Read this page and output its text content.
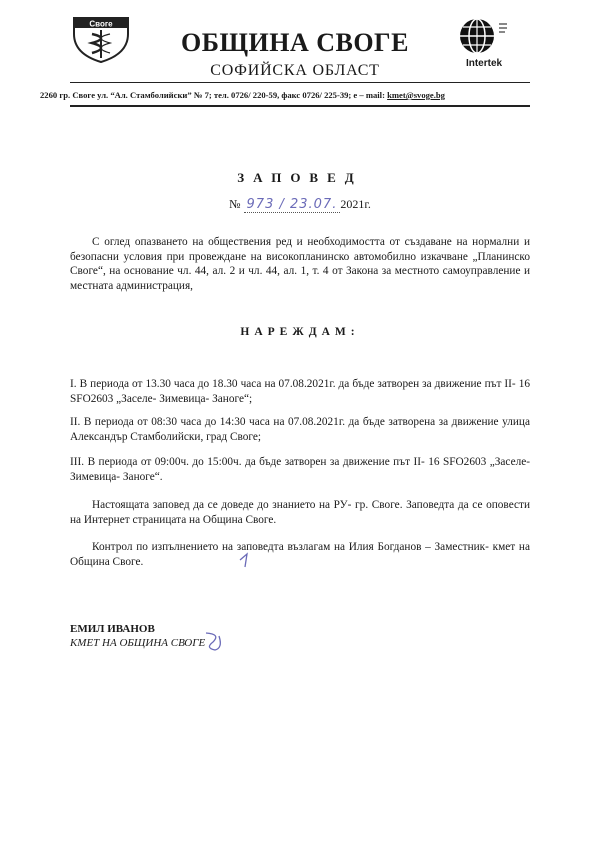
Своге
ОБЩИНА СВОГЕ
СОФИЙСКА ОБЛАСТ	Intertek
2260 гр. Своге ул. “Ал. Стамболийски” № 7; тел. 0726/ 220-59, факс 0726/ 225-39; е – mail: kmet@svoge.bg
ЗАПОВЕД
№ 973 / 23.07. 2021г.
С оглед опазването на обществения ред и необходимостта от създаване на нормални и безопасни условия при провеждане на високопланинско автомобилно изкачване „Планинско Своге“, на основание чл. 44, ал. 2 и чл. 44, ал. 1, т. 4 от Закона за местното самоуправление и местната администрация,
НАРЕЖДАМ:
I. В периода от 13.30 часа до 18.30 часа на 07.08.2021г. да бъде затворен за движение път II- 16 SFO2603 „Заселе- Зимевица- Заноге“;
II. В периода от 08:30 часа до 14:30 часа на 07.08.2021г. да бъде затворена за движение улица Александър Стамболийски, град Своге;
III. В периода от 09:00ч. до 15:00ч. да бъде затворен за движение път II- 16 SFO2603 „Заселе- Зимевица- Заноге“.
Настоящата заповед да се доведе до знанието на РУ- гр. Своге. Заповедта да се оповести на Интернет страницата на Община Своге.
Контрол по изпълнението на заповедта възлагам на Илия Богданов – Заместник- кмет на Община Своге.
ЕМИЛ ИВАНОВ
КМЕТ НА ОБЩИНА СВОГЕ
